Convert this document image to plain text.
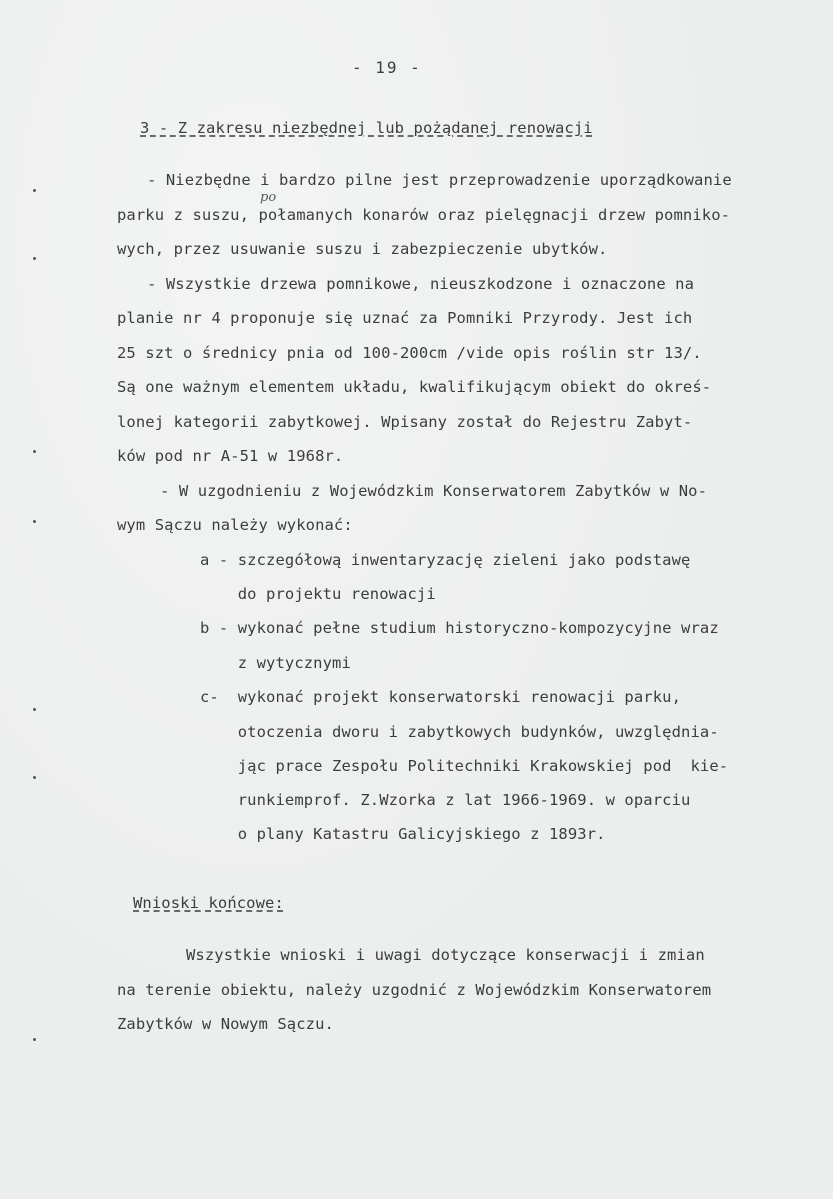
- 19 -
3 - Z zakresu niezbędnej lub pożądanej renowacji
po
- Niezbędne i bardzo pilne jest przeprowadzenie uporządkowanie
parku z suszu, połamanych konarów oraz pielęgnacji drzew pomniko-
wych, przez usuwanie suszu i zabezpieczenie ubytków.
- Wszystkie drzewa pomnikowe, nieuszkodzone i oznaczone na
planie nr 4 proponuje się uznać za Pomniki Przyrody. Jest ich
25 szt o średnicy pnia od 100-200cm /vide opis roślin str 13/.
Są one ważnym elementem układu, kwalifikującym obiekt do okreś-
lonej kategorii zabytkowej. Wpisany został do Rejestru Zabyt-
ków pod nr A-51 w 1968r.
- W uzgodnieniu z Wojewódzkim Konserwatorem Zabytków w No-
wym Sączu należy wykonać:
a - szczegółową inwentaryzację zieleni jako podstawę
do projektu renowacji
b - wykonać pełne studium historyczno-kompozycyjne wraz
z wytycznymi
c-  wykonać projekt konserwatorski renowacji parku,
otoczenia dworu i zabytkowych budynków, uwzględnia-
jąc prace Zespołu Politechniki Krakowskiej pod  kie-
runkiemprof. Z.Wzorka z lat 1966-1969. w oparciu
o plany Katastru Galicyjskiego z 1893r.
Wnioski końcowe:
Wszystkie wnioski i uwagi dotyczące konserwacji i zmian
na terenie obiektu, należy uzgodnić z Wojewódzkim Konserwatorem
Zabytków w Nowym Sączu.
